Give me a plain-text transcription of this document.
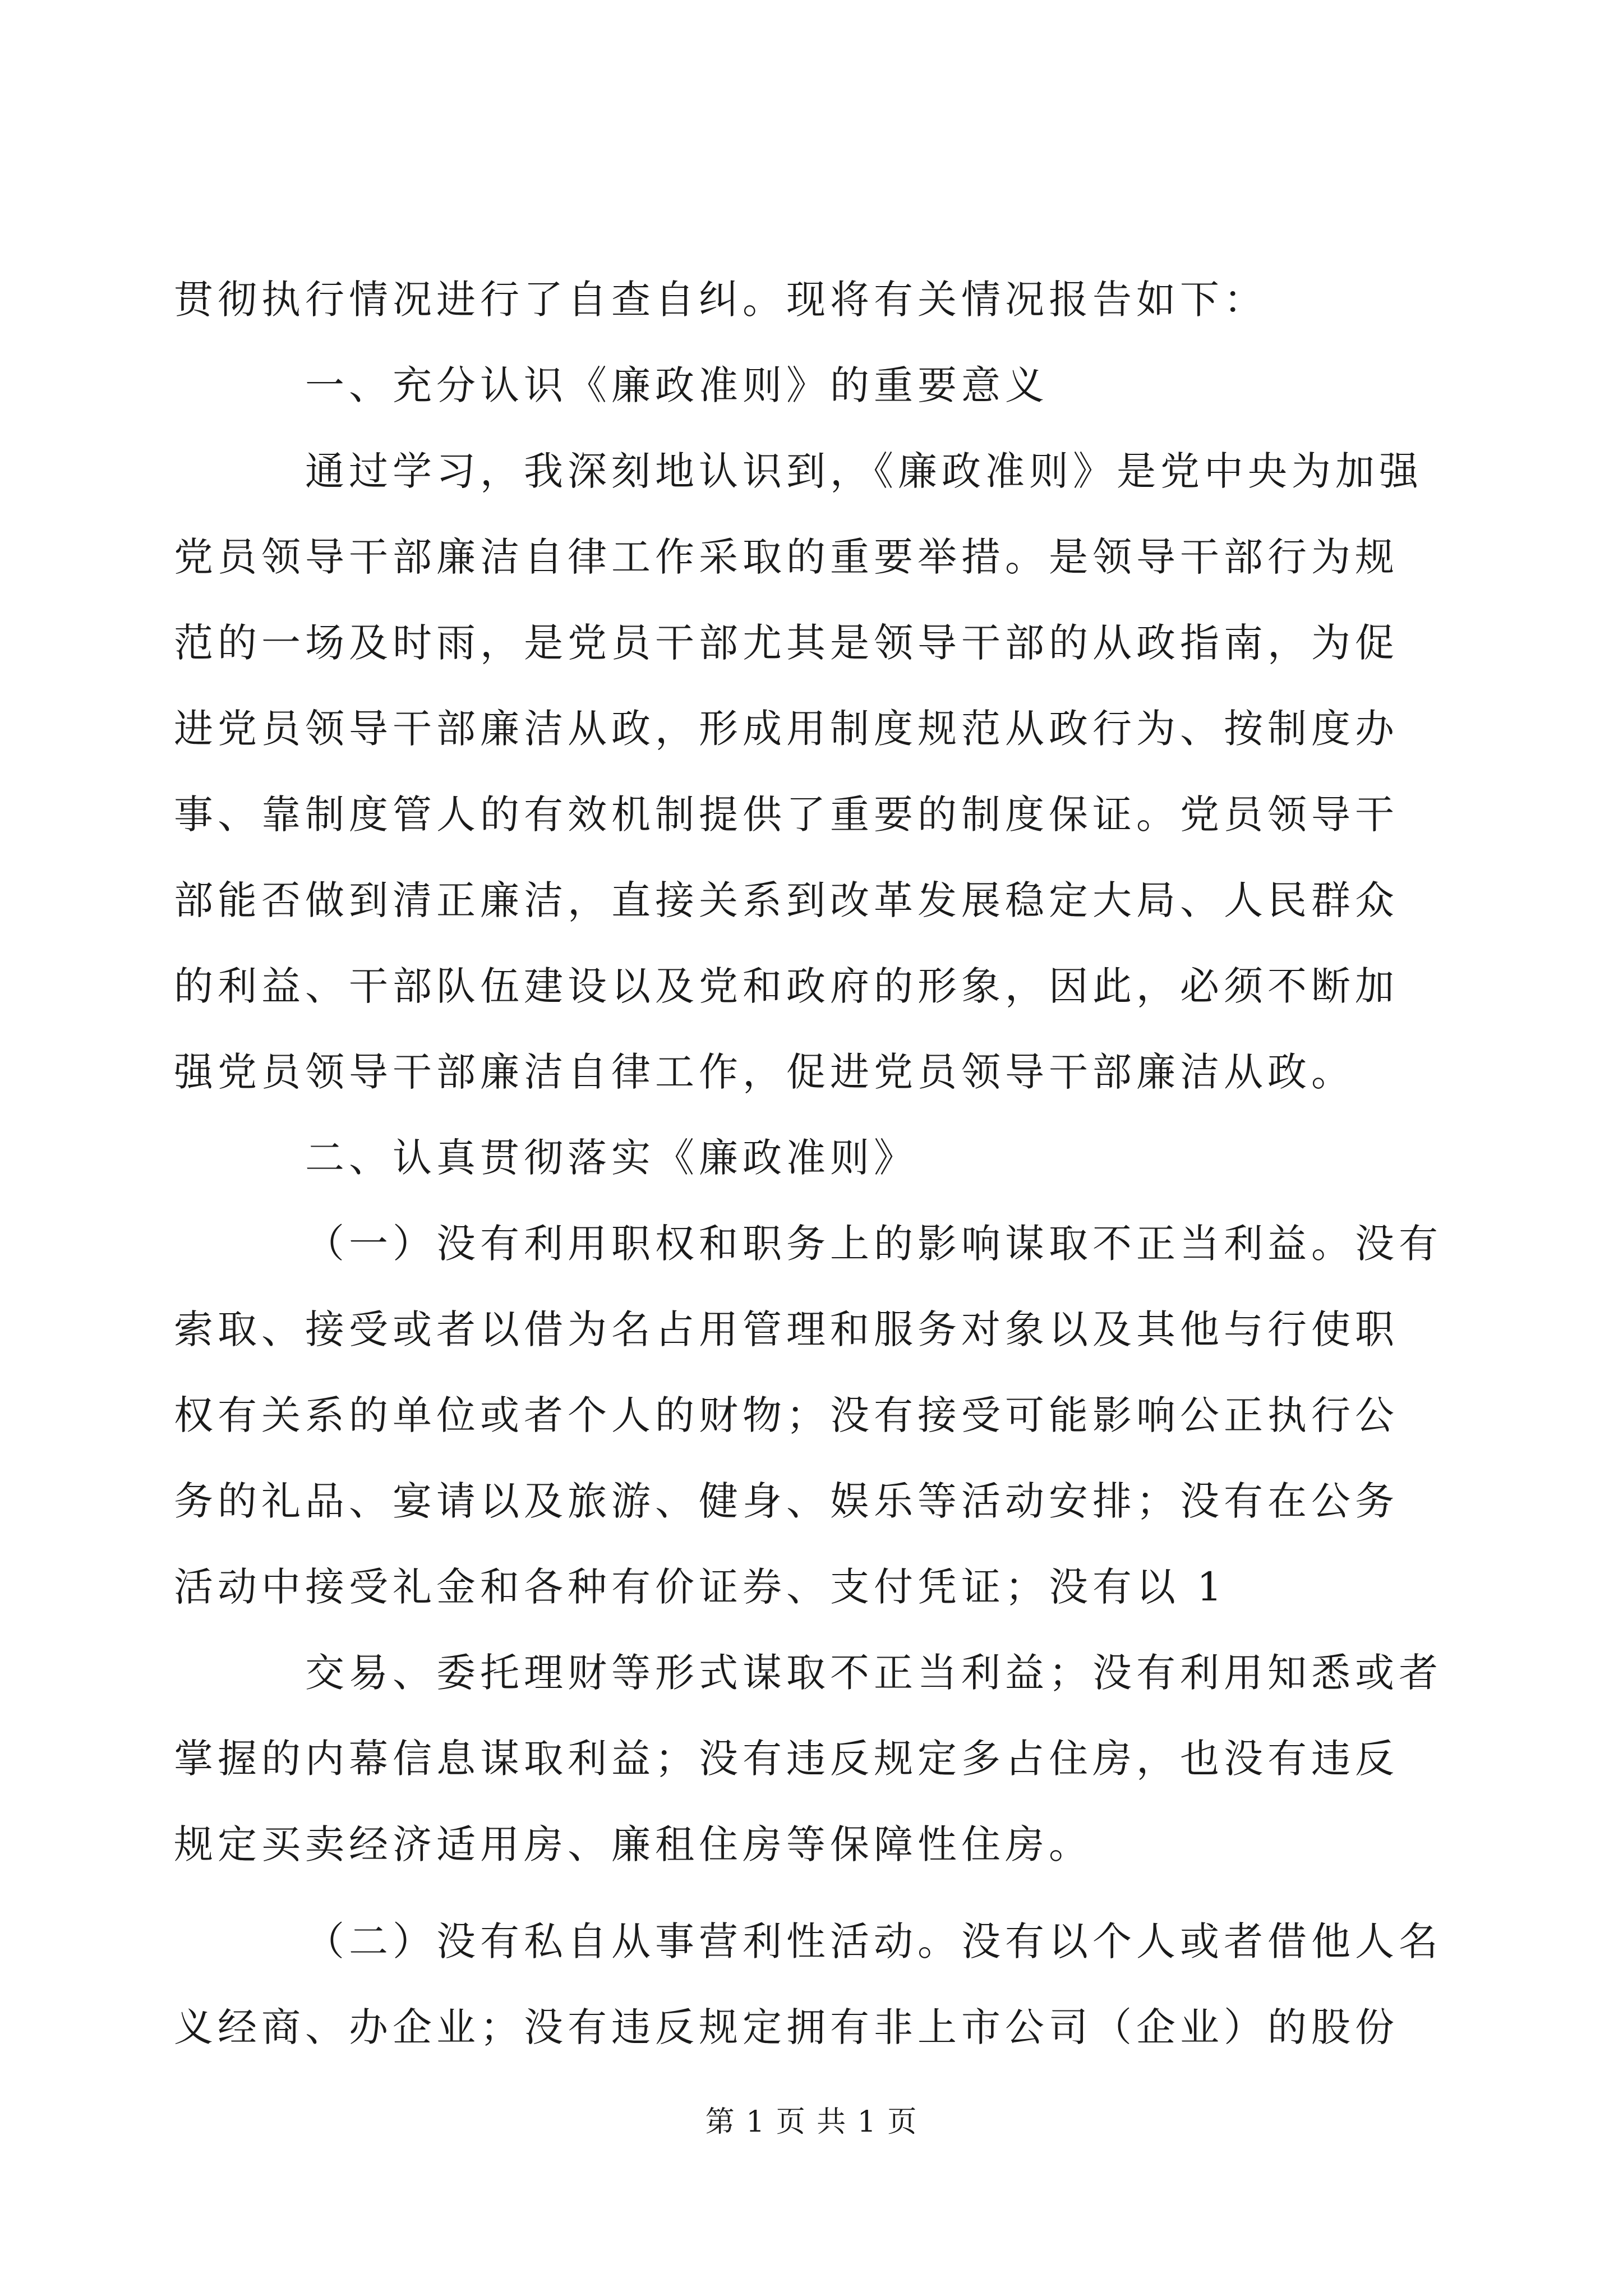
贯彻执行情况进行了自查自纠。现将有关情况报告如下：
一、充分认识《廉政准则》的重要意义
通过学习，我深刻地认识到，《廉政准则》是党中央为加强
党员领导干部廉洁自律工作采取的重要举措。是领导干部行为规
范的一场及时雨，是党员干部尤其是领导干部的从政指南，为促
进党员领导干部廉洁从政，形成用制度规范从政行为、按制度办
事、靠制度管人的有效机制提供了重要的制度保证。党员领导干
部能否做到清正廉洁，直接关系到改革发展稳定大局、人民群众
的利益、干部队伍建设以及党和政府的形象，因此，必须不断加
强党员领导干部廉洁自律工作，促进党员领导干部廉洁从政。
二、认真贯彻落实《廉政准则》
（一）没有利用职权和职务上的影响谋取不正当利益。没有
索取、接受或者以借为名占用管理和服务对象以及其他与行使职
权有关系的单位或者个人的财物；没有接受可能影响公正执行公
务的礼品、宴请以及旅游、健身、娱乐等活动安排；没有在公务
活动中接受礼金和各种有价证券、支付凭证；没有以 1
交易、委托理财等形式谋取不正当利益；没有利用知悉或者
掌握的内幕信息谋取利益；没有违反规定多占住房，也没有违反
规定买卖经济适用房、廉租住房等保障性住房。
（二）没有私自从事营利性活动。没有以个人或者借他人名
义经商、办企业；没有违反规定拥有非上市公司（企业）的股份
第 1 页 共 1 页
